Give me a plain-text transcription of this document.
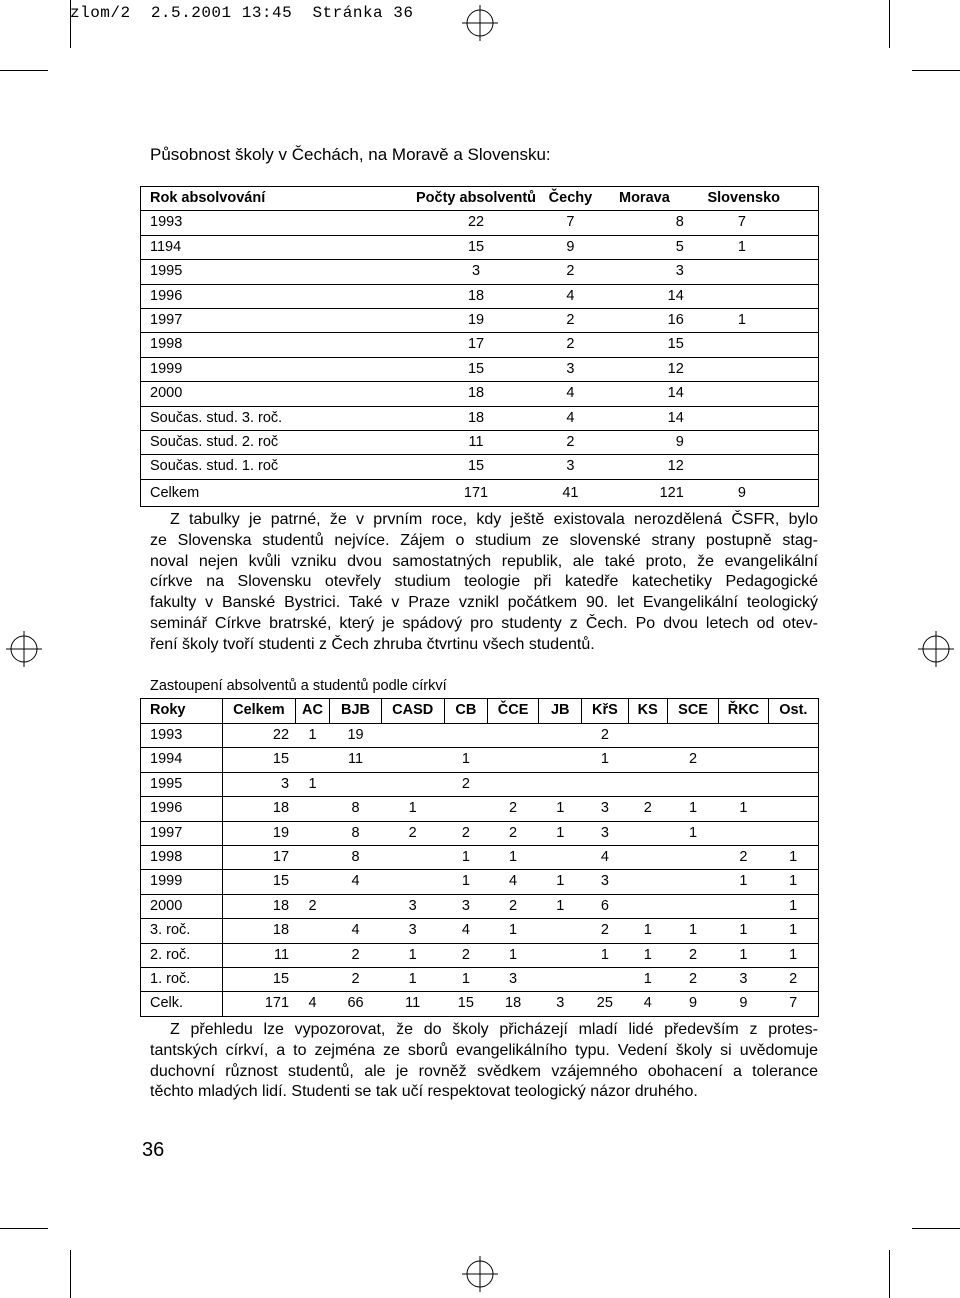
zlom/2  2.5.2001 13:45  Stránka 36
Působnost školy v Čechách, na Moravě a Slovensku:
Rok absolvování	Počty absolventů	Čechy	Morava	Slovensko
1993	22	7	8	7
1194	15	9	5	1
1995	3	2	3	
1996	18	4	14	
1997	19	2	16	1
1998	17	2	15	
1999	15	3	12	
2000	18	4	14	
Součas. stud. 3. roč.	18	4	14	
Součas. stud. 2. roč	11	2	9	
Součas. stud. 1. roč	15	3	12	
Celkem	171	41	121	9
Z tabulky je patrné, že v prvním roce, kdy ještě existovala nerozdělená ČSFR, bylo
ze Slovenska studentů nejvíce. Zájem o studium ze slovenské strany postupně stag-
noval nejen kvůli vzniku dvou samostatných republik, ale také proto, že evangelikální
církve na Slovensku otevřely studium teologie při katedře katechetiky Pedagogické
fakulty v Banské Bystrici. Také v Praze vznikl počátkem 90. let Evangelikální teologický
seminář Církve bratrské, který je spádový pro studenty z Čech. Po dvou letech od otev-
ření školy tvoří studenti z Čech zhruba čtvrtinu všech studentů.
Zastoupení absolventů a studentů podle církví
Roky	Celkem	AC	BJB	CASD	CB	ČCE	JB	KřS	KS	SCE	ŘKC	Ost.
1993	22	1	19					2				
1994	15		11		1			1		2		
1995	3	1			2							
1996	18		8	1		2	1	3	2	1	1	
1997	19		8	2	2	2	1	3		1		
1998	17		8		1	1		4			2	1
1999	15		4		1	4	1	3			1	1
2000	18	2		3	3	2	1	6				1
3. roč.	18		4	3	4	1		2	1	1	1	1
2. roč.	11		2	1	2	1		1	1	2	1	1
1. roč.	15		2	1	1	3			1	2	3	2
Celk.	171	4	66	11	15	18	3	25	4	9	9	7
Z přehledu lze vypozorovat, že do školy přicházejí mladí lidé především z protes-
tantských církví, a to zejména ze sborů evangelikálního typu. Vedení školy si uvědomuje
duchovní různost studentů, ale je rovněž svědkem vzájemného obohacení a tolerance
těchto mladých lidí. Studenti se tak učí respektovat teologický názor druhého.
36
